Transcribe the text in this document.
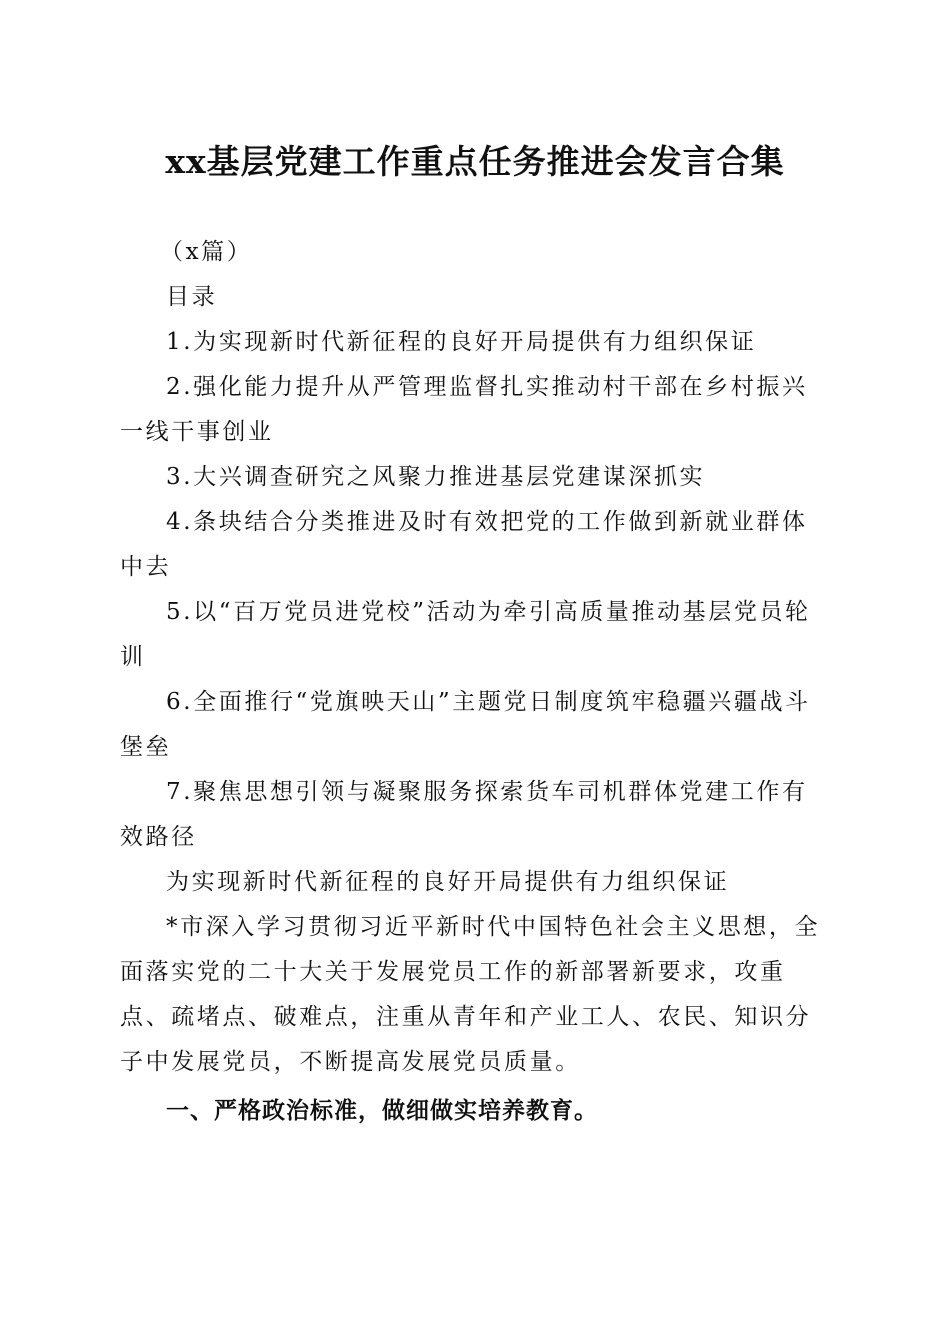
xx基层党建工作重点任务推进会发言合集

（x篇）

目录

1.为实现新时代新征程的良好开局提供有力组织保证

2.强化能力提升从严管理监督扎实推动村干部在乡村振兴一线干事创业

3.大兴调查研究之风聚力推进基层党建谋深抓实

4.条块结合分类推进及时有效把党的工作做到新就业群体中去

5.以“百万党员进党校”活动为牵引高质量推动基层党员轮训

6.全面推行“党旗映天山”主题党日制度筑牢稳疆兴疆战斗堡垒

7.聚焦思想引领与凝聚服务探索货车司机群体党建工作有效路径

为实现新时代新征程的良好开局提供有力组织保证

*市深入学习贯彻习近平新时代中国特色社会主义思想，全面落实党的二十大关于发展党员工作的新部署新要求，攻重点、疏堵点、破难点，注重从青年和产业工人、农民、知识分子中发展党员，不断提高发展党员质量。

一、严格政治标准，做细做实培养教育。
